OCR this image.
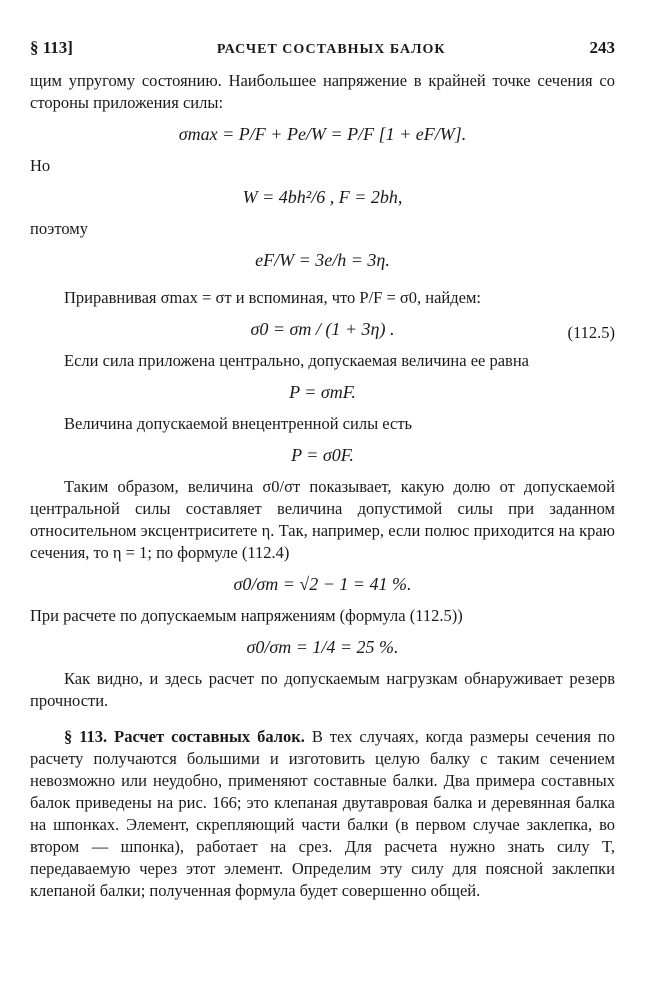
§ 113]	РАСЧЕТ СОСТАВНЫХ БАЛОК	243

щим упругому состоянию. Наибольшее напряжение в крайней точке сечения со стороны приложения силы:

σmax = P/F + Pe/W = P/F [1 + eF/W].

Но

W = 4bh²/6 , F = 2bh,

поэтому

eF/W = 3e/h = 3η.

Приравнивая σmax = σт и вспоминая, что P/F = σ0, найдем:

σ0 = σт / (1 + 3η) .	(112.5)

Если сила приложена центрально, допускаемая величина ее равна

P = σтF.

Величина допускаемой внецентренной силы есть

P = σ0F.

Таким образом, величина σ0/σт показывает, какую долю от допускаемой центральной силы составляет величина допустимой силы при заданном относительном эксцентриситете η. Так, например, если полюс приходится на краю сечения, то η = 1; по формуле (112.4)

σ0/σт = √2 − 1 = 41 %.

При расчете по допускаемым напряжениям (формула (112.5))

σ0/σт = 1/4 = 25 %.

Как видно, и здесь расчет по допускаемым нагрузкам обнаруживает резерв прочности.

§ 113. Расчет составных балок. В тех случаях, когда размеры сечения по расчету получаются большими и изготовить целую балку с таким сечением невозможно или неудобно, применяют составные балки. Два примера составных балок приведены на рис. 166; это клепаная двутавровая балка и деревянная балка на шпонках. Элемент, скрепляющий части балки (в первом случае заклепка, во втором — шпонка), работает на срез. Для расчета нужно знать силу T, передаваемую через этот элемент. Определим эту силу для поясной заклепки клепаной балки; полученная формула будет совершенно общей.
